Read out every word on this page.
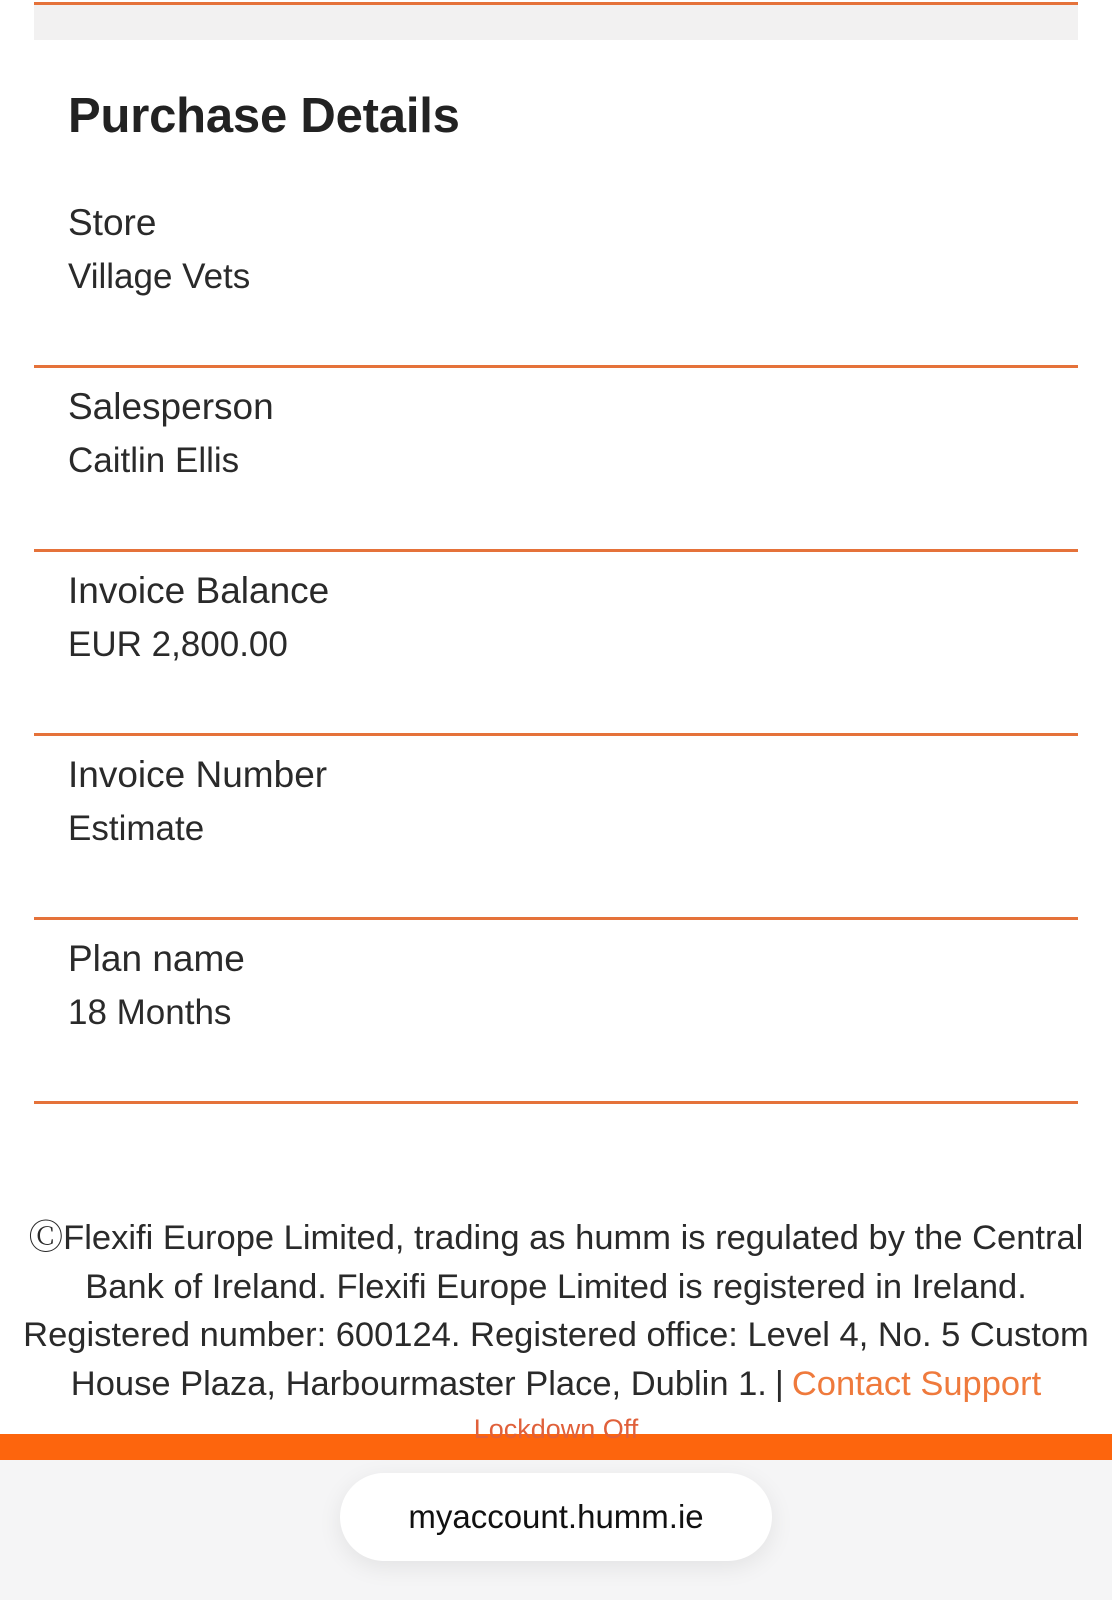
Purchase Details
Store
Village Vets
Salesperson
Caitlin Ellis
Invoice Balance
EUR 2,800.00
Invoice Number
Estimate
Plan name
18 Months
ⒸFlexifi Europe Limited, trading as humm is regulated by the Central Bank of Ireland. Flexifi Europe Limited is registered in Ireland. Registered number: 600124. Registered office: Level 4, No. 5 Custom House Plaza, Harbourmaster Place, Dublin 1. | Contact Support
Lockdown Off
myaccount.humm.ie
